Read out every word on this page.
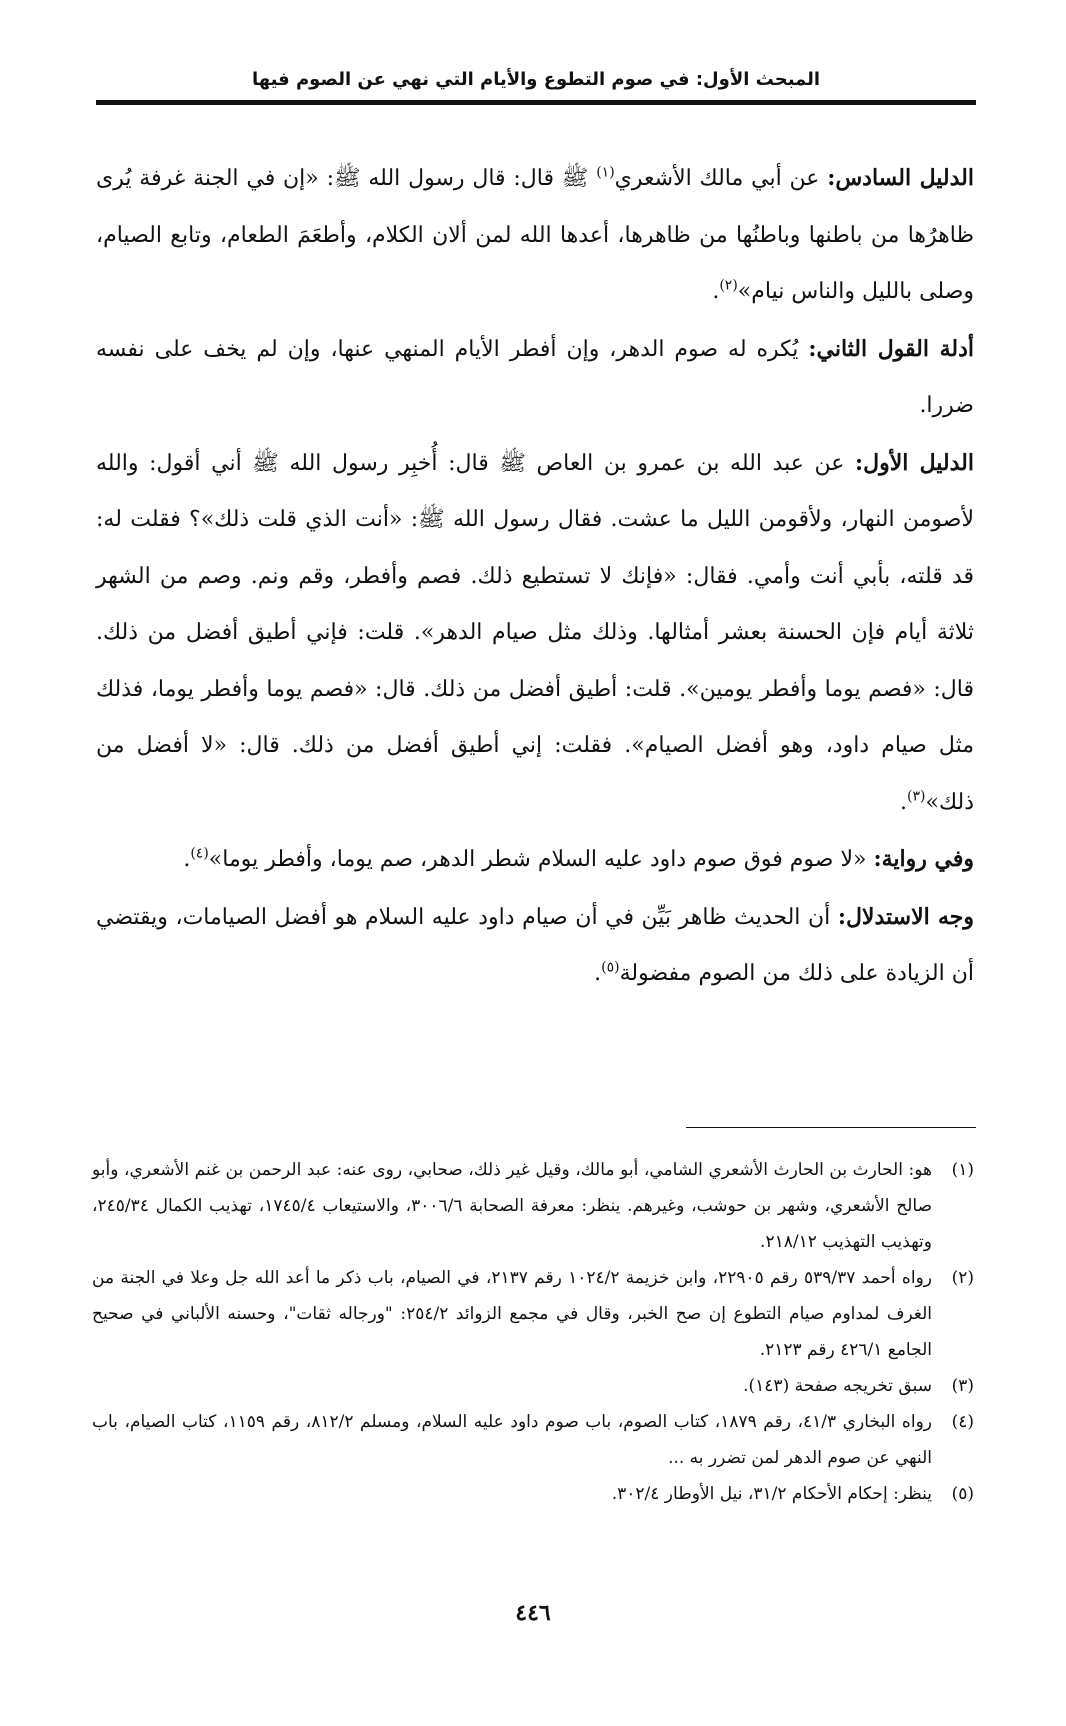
المبحث الأول: في صوم التطوع والأيام التي نهي عن الصوم فيها

الدليل السادس: عن أبي مالك الأشعري$^{(١)}$ ﷺ قال: قال رسول الله ﷺ: «إن في الجنة غرفة يُرى ظاهرُها من باطنها وباطنُها من ظاهرها، أعدها الله لمن ألان الكلام، وأطعَمَ الطعام، وتابع الصيام، وصلى بالليل والناس نيام»$^{(٢)}$.

أدلة القول الثاني: يُكره له صوم الدهر، وإن أفطر الأيام المنهي عنها، وإن لم يخف على نفسه ضررا.

الدليل الأول: عن عبد الله بن عمرو بن العاص ﷺ قال: أُخبِر رسول الله ﷺ أني أقول: والله لأصومن النهار، ولأقومن الليل ما عشت. فقال رسول الله ﷺ: «أنت الذي قلت ذلك»؟ فقلت له: قد قلته، بأبي أنت وأمي. فقال: «فإنك لا تستطيع ذلك. فصم وأفطر، وقم ونم. وصم من الشهر ثلاثة أيام فإن الحسنة بعشر أمثالها. وذلك مثل صيام الدهر». قلت: فإني أطيق أفضل من ذلك. قال: «فصم يوما وأفطر يومين». قلت: أطيق أفضل من ذلك. قال: «فصم يوما وأفطر يوما، فذلك مثل صيام داود، وهو أفضل الصيام». فقلت: إني أطيق أفضل من ذلك. قال: «لا أفضل من ذلك»$^{(٣)}$.

وفي رواية: «لا صوم فوق صوم داود عليه السلام شطر الدهر، صم يوما، وأفطر يوما»$^{(٤)}$.

وجه الاستدلال: أن الحديث ظاهر بَيِّن في أن صيام داود عليه السلام هو أفضل الصيامات، ويقتضي أن الزيادة على ذلك من الصوم مفضولة$^{(٥)}$.

(١)
هو: الحارث بن الحارث الأشعري الشامي، أبو مالك، وقيل غير ذلك، صحابي، روى عنه: عبد الرحمن بن غنم الأشعري، وأبو صالح الأشعري، وشهر بن حوشب، وغيرهم. ينظر: معرفة الصحابة ٣٠٠٦/٦، والاستيعاب ١٧٤٥/٤، تهذيب الكمال ٢٤٥/٣٤، وتهذيب التهذيب ٢١٨/١٢.

(٢)
رواه أحمد ٥٣٩/٣٧ رقم ٢٢٩٠٥، وابن خزيمة ١٠٢٤/٢ رقم ٢١٣٧، في الصيام، باب ذكر ما أعد الله جل وعلا في الجنة من الغرف لمداوم صيام التطوع إن صح الخبر، وقال في مجمع الزوائد ٢٥٤/٢: "ورجاله ثقات"، وحسنه الألباني في صحيح الجامع ٤٢٦/١ رقم ٢١٢٣.

(٣)
سبق تخريجه صفحة (١٤٣).

(٤)
رواه البخاري ٤١/٣، رقم ١٨٧٩، كتاب الصوم، باب صوم داود عليه السلام، ومسلم ٨١٢/٢، رقم ١١٥٩، كتاب الصيام، باب النهي عن صوم الدهر لمن تضرر به ...

(٥)
ينظر: إحكام الأحكام ٣١/٢، نيل الأوطار ٣٠٢/٤.

٤٤٦
